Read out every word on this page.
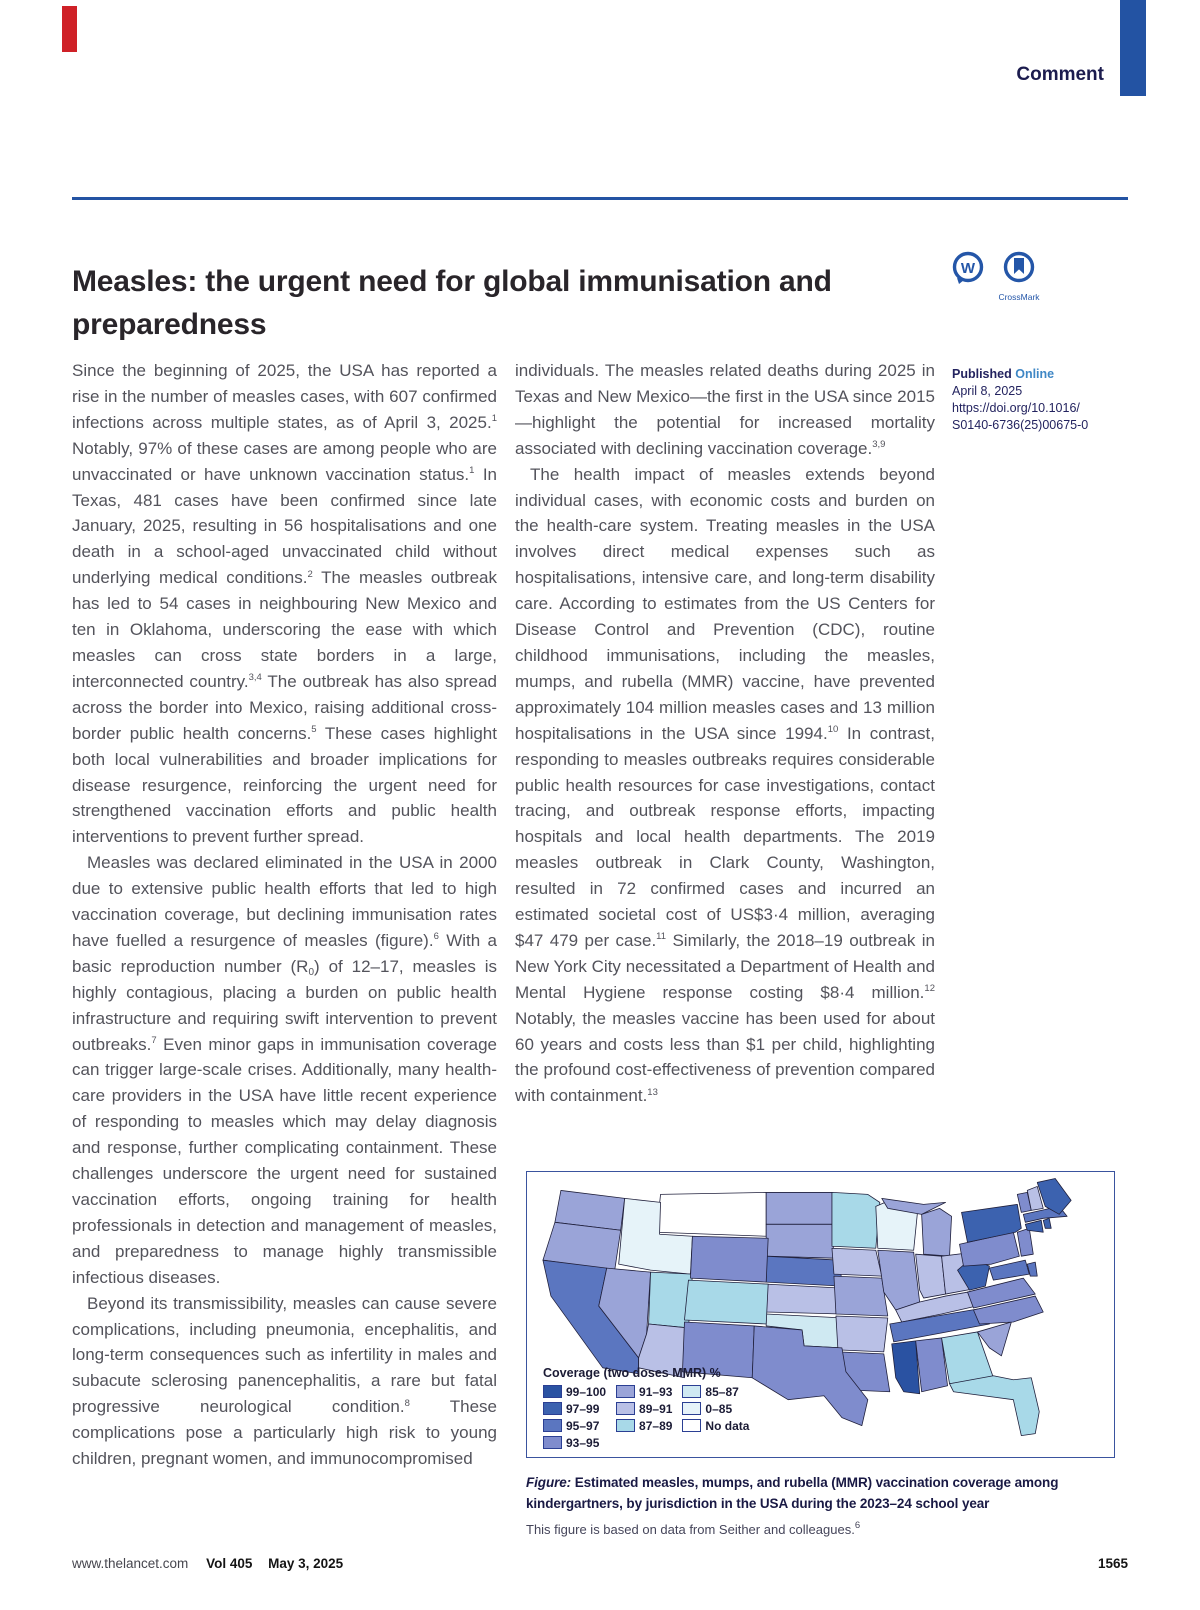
Comment
Measles: the urgent need for global immunisation and preparedness
W

CrossMark
Published Online
April 8, 2025
https://doi.org/10.1016/
S0140-6736(25)00675-0

Since the beginning of 2025, the USA has reported a rise in the number of measles cases, with 607 confirmed infections across multiple states, as of April 3, 2025.$^1$ Notably, 97% of these cases are among people who are unvaccinated or have unknown vaccination status.$^1$ In Texas, 481 cases have been confirmed since late January, 2025, resulting in 56 hospitalisations and one death in a school-aged unvaccinated child without underlying medical conditions.$^2$ The measles outbreak has led to 54 cases in neighbouring New Mexico and ten in Oklahoma, underscoring the ease with which measles can cross state borders in a large, interconnected country.$^{3,4}$ The outbreak has also spread across the border into Mexico, raising additional cross-border public health concerns.$^5$ These cases highlight both local vulnerabilities and broader implications for disease resurgence, reinforcing the urgent need for strengthened vaccination efforts and public health interventions to prevent further spread.

Measles was declared eliminated in the USA in 2000 due to extensive public health efforts that led to high vaccination coverage, but declining immunisation rates have fuelled a resurgence of measles (figure).$^6$ With a basic reproduction number (R0) of 12–17, measles is highly contagious, placing a burden on public health infrastructure and requiring swift intervention to prevent outbreaks.$^7$ Even minor gaps in immunisation coverage can trigger large-scale crises. Additionally, many health-care providers in the USA have little recent experience of responding to measles which may delay diagnosis and response, further complicating containment. These challenges underscore the urgent need for sustained vaccination efforts, ongoing training for health professionals in detection and management of measles, and preparedness to manage highly transmissible infectious diseases.

Beyond its transmissibility, measles can cause severe complications, including pneumonia, encephalitis, and long-term consequences such as infertility in males and subacute sclerosing panencephalitis, a rare but fatal progressive neurological condition.$^8$ These complications pose a particularly high risk to young children, pregnant women, and immunocompromised

individuals. The measles related deaths during 2025 in Texas and New Mexico—the first in the USA since 2015—highlight the potential for increased mortality associated with declining vaccination coverage.$^{3,9}$

The health impact of measles extends beyond individual cases, with economic costs and burden on the health-care system. Treating measles in the USA involves direct medical expenses such as hospitalisations, intensive care, and long-term disability care. According to estimates from the US Centers for Disease Control and Prevention (CDC), routine childhood immunisations, including the measles, mumps, and rubella (MMR) vaccine, have prevented approximately 104 million measles cases and 13 million hospitalisations in the USA since 1994.10 In contrast, responding to measles outbreaks requires considerable public health resources for case investigations, contact tracing, and outbreak response efforts, impacting hospitals and local health departments. The 2019 measles outbreak in Clark County, Washington, resulted in 72 confirmed cases and incurred an estimated societal cost of US$3·4 million, averaging $47 479 per case.$^{11}$ Similarly, the 2018–19 outbreak in New York City necessitated a Department of Health and Mental Hygiene response costing $8·4 million.$^{12}$ Notably, the measles vaccine has been used for about 60 years and costs less than $1 per child, highlighting the profound cost-effectiveness of prevention compared with containment.$^{13}$

Coverage (two doses MMR) %
99–100
97–99
95–97
93–95
91–93
89–91
87–89
85–87
0–85
No data
Figure: Estimated measles, mumps, and rubella (MMR) vaccination coverage among kindergartners, by jurisdiction in the USA during the 2023–24 school year
This figure is based on data from Seither and colleagues.$^6$
www.thelancet.com Vol 405 May 3, 2025	1565
